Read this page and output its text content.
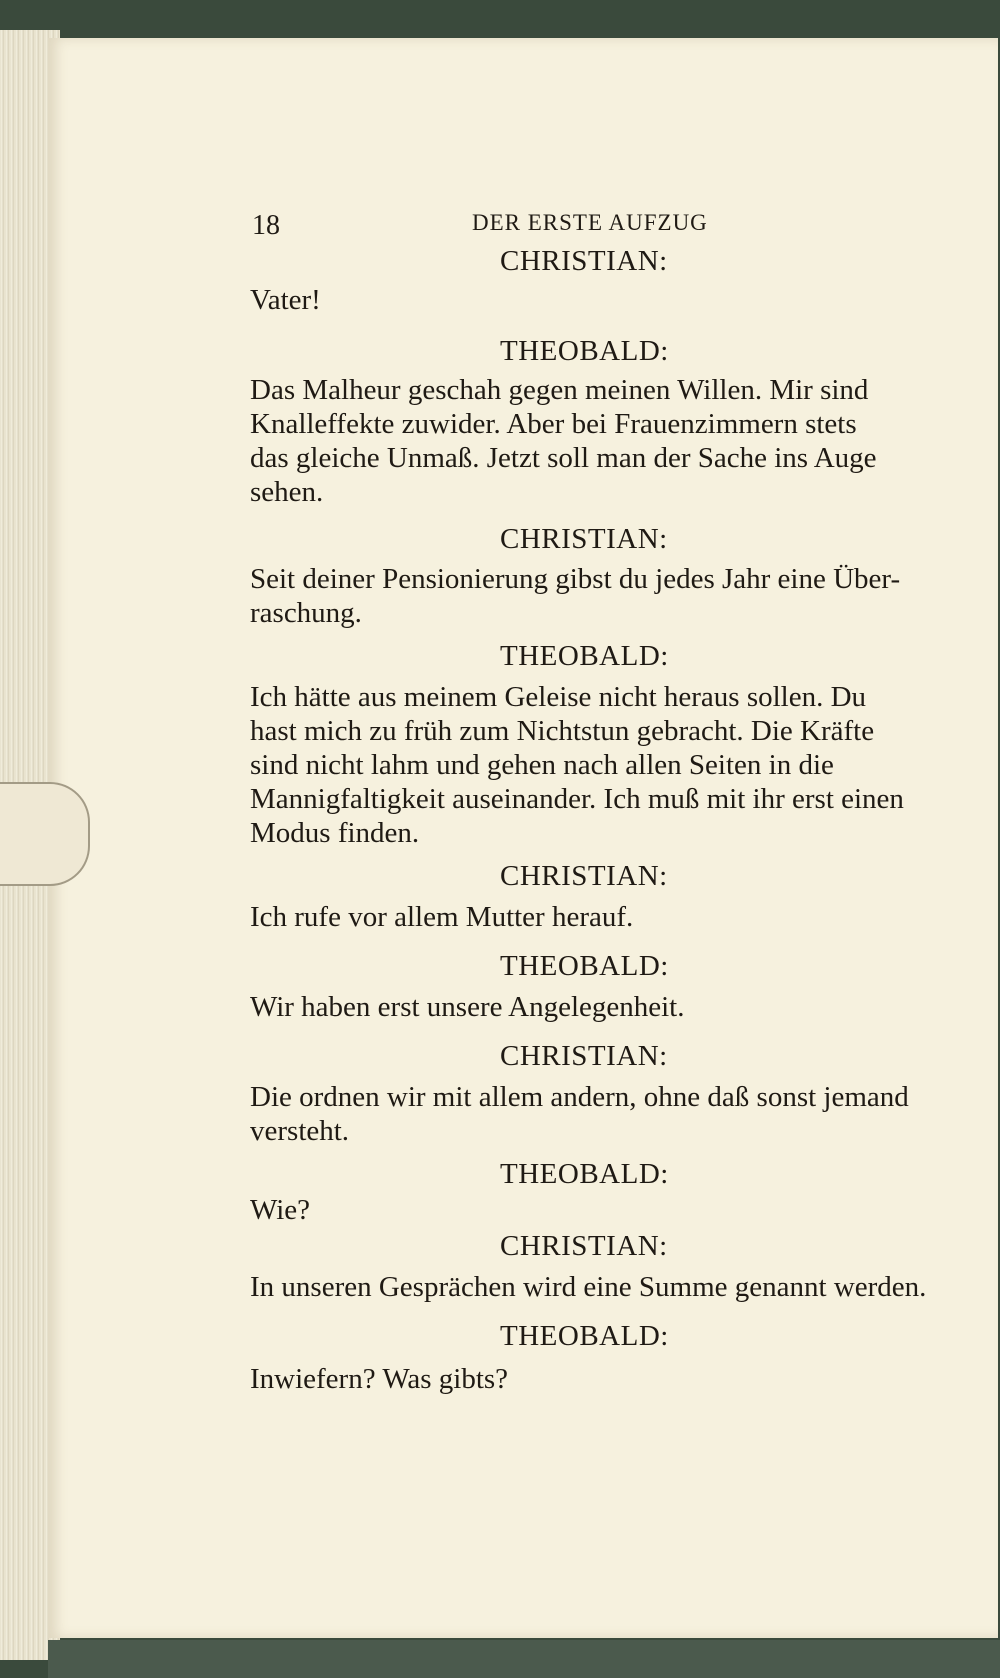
18	DER ERSTE AUFZUG
CHRISTIAN:
Vater!
THEOBALD:
Das Malheur geschah gegen meinen Willen. Mir sind
Knalleffekte zuwider. Aber bei Frauenzimmern stets
das gleiche Unmaß. Jetzt soll man der Sache ins Auge
sehen.
CHRISTIAN:
Seit deiner Pensionierung gibst du jedes Jahr eine Über-
raschung.
THEOBALD:
Ich hätte aus meinem Geleise nicht heraus sollen. Du
hast mich zu früh zum Nichtstun gebracht. Die Kräfte
sind nicht lahm und gehen nach allen Seiten in die
Mannigfaltigkeit auseinander. Ich muß mit ihr erst einen
Modus finden.
CHRISTIAN:
Ich rufe vor allem Mutter herauf.
THEOBALD:
Wir haben erst unsere Angelegenheit.
CHRISTIAN:
Die ordnen wir mit allem andern, ohne daß sonst jemand
versteht.
THEOBALD:
Wie?
CHRISTIAN:
In unseren Gesprächen wird eine Summe genannt werden.
THEOBALD:
Inwiefern? Was gibts?
